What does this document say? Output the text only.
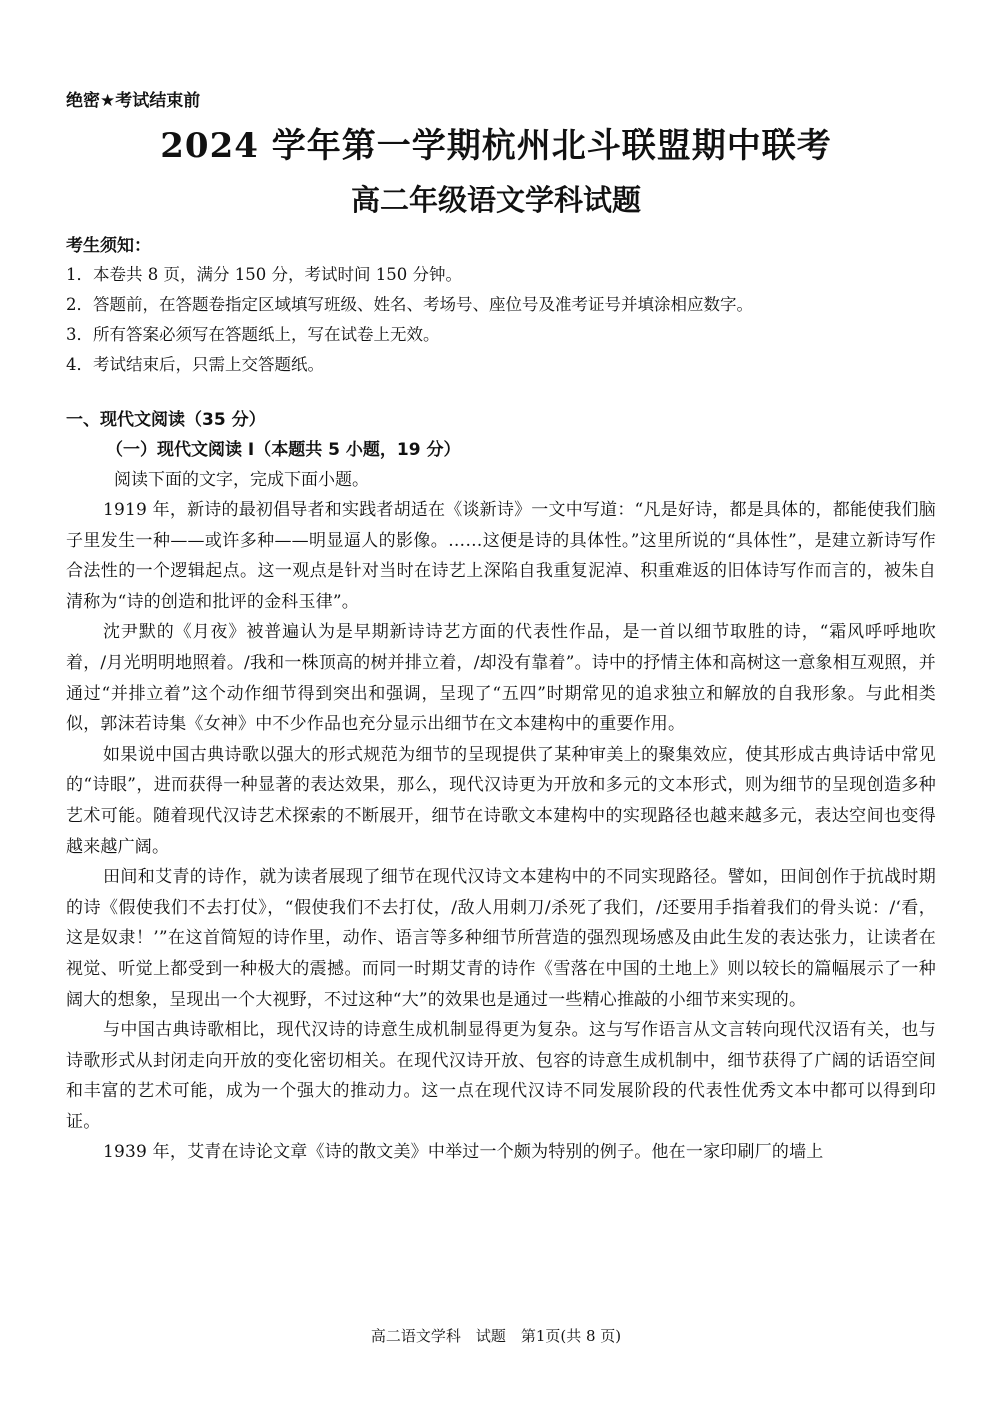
绝密★考试结束前
2024 学年第一学期杭州北斗联盟期中联考
高二年级语文学科试题
考生须知：
1．本卷共 8 页，满分 150 分，考试时间 150 分钟。
2．答题前，在答题卷指定区域填写班级、姓名、考场号、座位号及准考证号并填涂相应数字。
3．所有答案必须写在答题纸上，写在试卷上无效。
4．考试结束后，只需上交答题纸。
一、现代文阅读（35 分）
（一）现代文阅读 I（本题共 5 小题，19 分）
阅读下面的文字，完成下面小题。

1919 年，新诗的最初倡导者和实践者胡适在《谈新诗》一文中写道：“凡是好诗，都是具体的，都能使我们脑子里发生一种——或许多种——明显逼人的影像。……这便是诗的具体性。”这里所说的“具体性”，是建立新诗写作合法性的一个逻辑起点。这一观点是针对当时在诗艺上深陷自我重复泥淖、积重难返的旧体诗写作而言的，被朱自清称为“诗的创造和批评的金科玉律”。

沈尹默的《月夜》被普遍认为是早期新诗诗艺方面的代表性作品，是一首以细节取胜的诗，“霜风呼呼地吹着，/月光明明地照着。/我和一株顶高的树并排立着，/却没有靠着”。诗中的抒情主体和高树这一意象相互观照，并通过“并排立着”这个动作细节得到突出和强调，呈现了“五四”时期常见的追求独立和解放的自我形象。与此相类似，郭沫若诗集《女神》中不少作品也充分显示出细节在文本建构中的重要作用。

如果说中国古典诗歌以强大的形式规范为细节的呈现提供了某种审美上的聚集效应，使其形成古典诗话中常见的“诗眼”，进而获得一种显著的表达效果，那么，现代汉诗更为开放和多元的文本形式，则为细节的呈现创造多种艺术可能。随着现代汉诗艺术探索的不断展开，细节在诗歌文本建构中的实现路径也越来越多元，表达空间也变得越来越广阔。

田间和艾青的诗作，就为读者展现了细节在现代汉诗文本建构中的不同实现路径。譬如，田间创作于抗战时期的诗《假使我们不去打仗》，“假使我们不去打仗，/敌人用刺刀/杀死了我们，/还要用手指着我们的骨头说：/‘看，这是奴隶！’”在这首简短的诗作里，动作、语言等多种细节所营造的强烈现场感及由此生发的表达张力，让读者在视觉、听觉上都受到一种极大的震撼。而同一时期艾青的诗作《雪落在中国的土地上》则以较长的篇幅展示了一种阔大的想象，呈现出一个大视野，不过这种“大”的效果也是通过一些精心推敲的小细节来实现的。

与中国古典诗歌相比，现代汉诗的诗意生成机制显得更为复杂。这与写作语言从文言转向现代汉语有关，也与诗歌形式从封闭走向开放的变化密切相关。在现代汉诗开放、包容的诗意生成机制中，细节获得了广阔的话语空间和丰富的艺术可能，成为一个强大的推动力。这一点在现代汉诗不同发展阶段的代表性优秀文本中都可以得到印证。

1939 年，艾青在诗论文章《诗的散文美》中举过一个颇为特别的例子。他在一家印刷厂的墙上

高二语文学科　试题　第1页(共 8 页)
